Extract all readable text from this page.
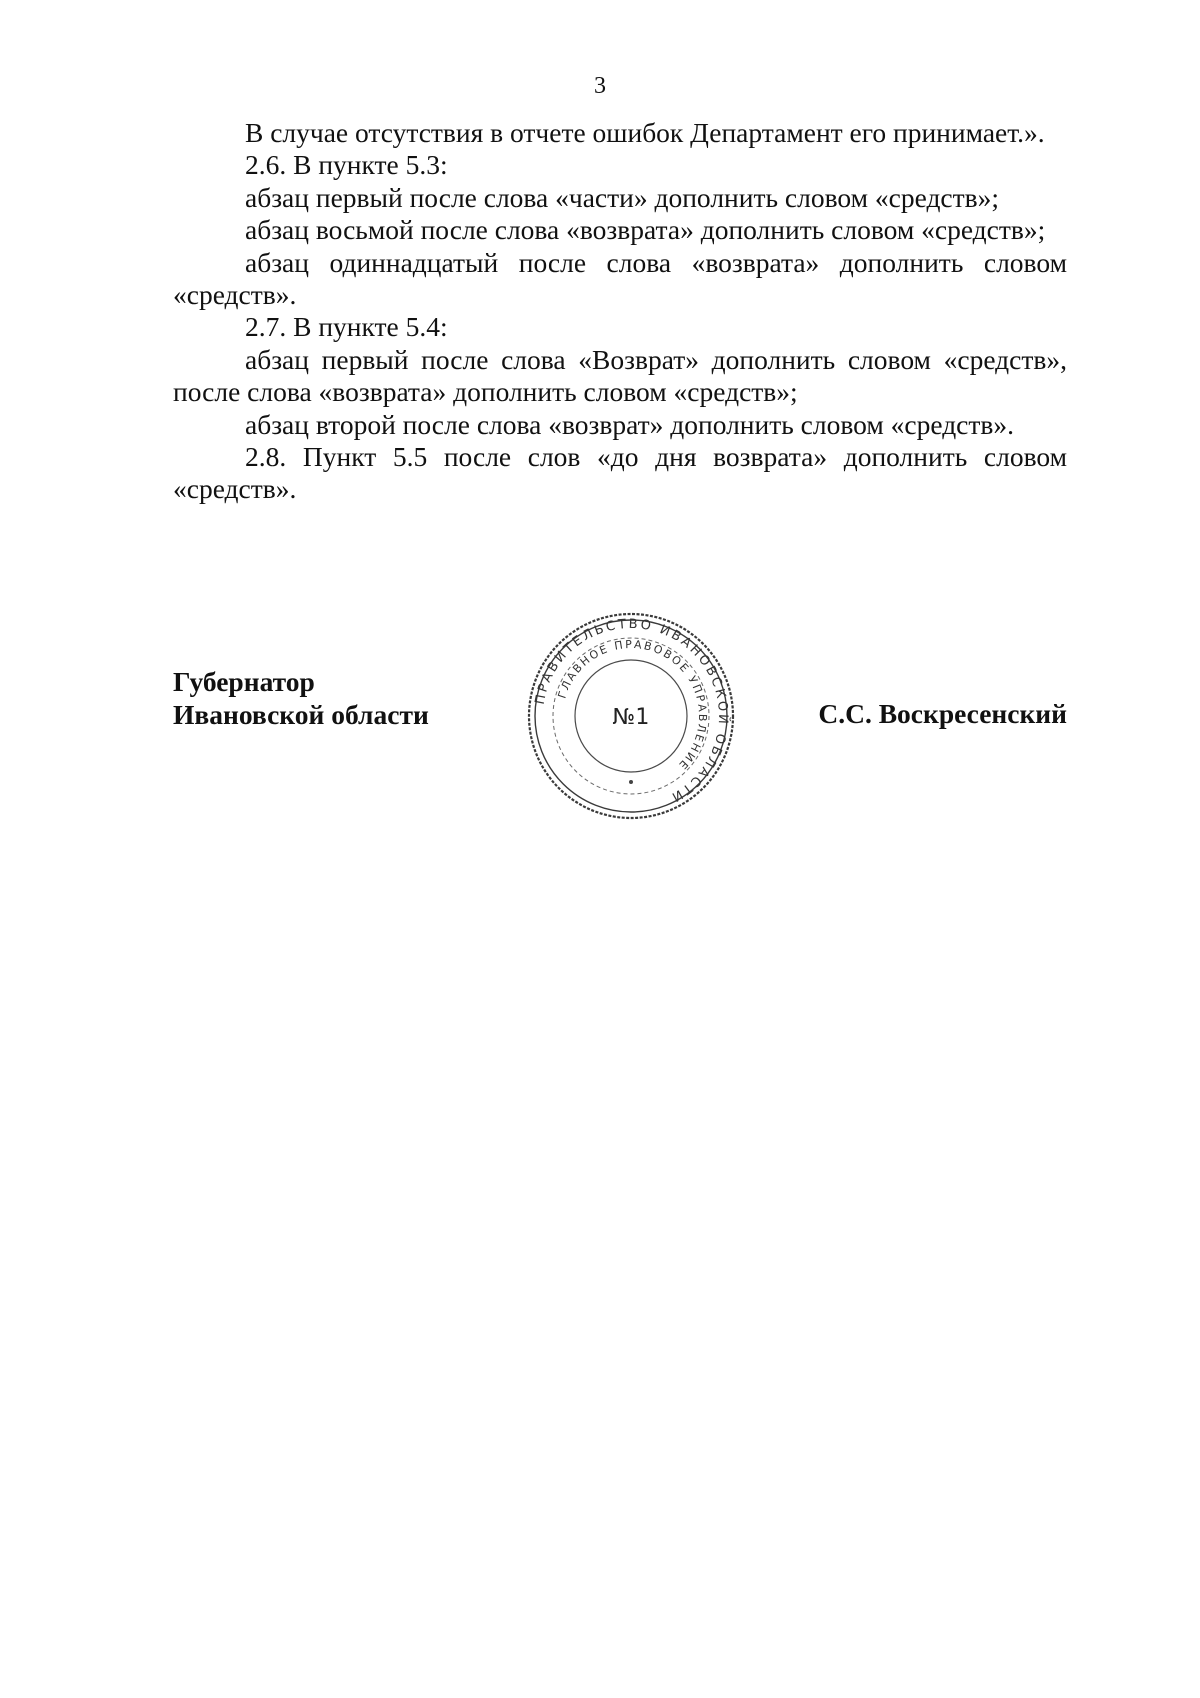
3

В случае отсутствия в отчете ошибок Департамент его принимает.».

2.6. В пункте 5.3:

абзац первый после слова «части» дополнить словом «средств»;

абзац восьмой после слова «возврата» дополнить словом «средств»;

абзац одиннадцатый после слова «возврата» дополнить словом «средств».

2.7. В пункте 5.4:

абзац первый после слова «Возврат» дополнить словом «средств», после слова «возврата» дополнить словом «средств»;

абзац второй после слова «возврат» дополнить словом «средств».

2.8. Пункт 5.5 после слов «до дня возврата» дополнить словом «средств».

Губернатор
Ивановской области	С.С. Воскресенский
ПРАВИТЕЛЬСТВО ИВАНОВСКОЙ ОБЛАСТИ
ГЛАВНОЕ ПРАВОВОЕ УПРАВЛЕНИЕ
№1
